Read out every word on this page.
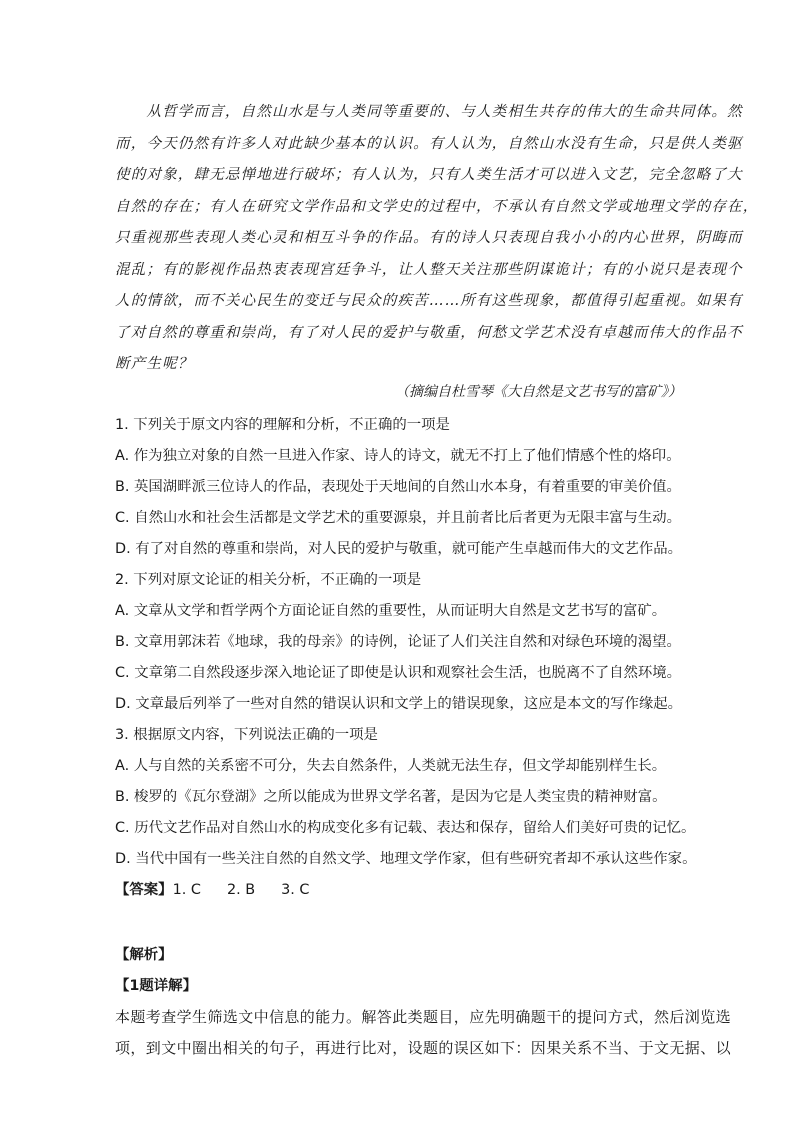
　　从哲学而言，自然山水是与人类同等重要的、与人类相生共存的伟大的生命共同体。然
而，今天仍然有许多人对此缺少基本的认识。有人认为，自然山水没有生命，只是供人类驱
使的对象，肆无忌惮地进行破坏；有人认为，只有人类生活才可以进入文艺，完全忽略了大
自然的存在；有人在研究文学作品和文学史的过程中，不承认有自然文学或地理文学的存在，
只重视那些表现人类心灵和相互斗争的作品。有的诗人只表现自我小小的内心世界，阴晦而
混乱；有的影视作品热衷表现宫廷争斗，让人整天关注那些阴谋诡计；有的小说只是表现个
人的情欲，而不关心民生的变迁与民众的疾苦……所有这些现象，都值得引起重视。如果有
了对自然的尊重和崇尚，有了对人民的爱护与敬重，何愁文学艺术没有卓越而伟大的作品不
断产生呢？
（摘编自杜雪琴《大自然是文艺书写的富矿》）
1. 下列关于原文内容的理解和分析，不正确的一项是
A. 作为独立对象的自然一旦进入作家、诗人的诗文，就无不打上了他们情感个性的烙印。
B. 英国湖畔派三位诗人的作品，表现处于天地间的自然山水本身，有着重要的审美价值。
C. 自然山水和社会生活都是文学艺术的重要源泉，并且前者比后者更为无限丰富与生动。
D. 有了对自然的尊重和崇尚，对人民的爱护与敬重，就可能产生卓越而伟大的文艺作品。
2. 下列对原文论证的相关分析，不正确的一项是
A. 文章从文学和哲学两个方面论证自然的重要性，从而证明大自然是文艺书写的富矿。
B. 文章用郭沫若《地球，我的母亲》的诗例，论证了人们关注自然和对绿色环境的渴望。
C. 文章第二自然段逐步深入地论证了即使是认识和观察社会生活，也脱离不了自然环境。
D. 文章最后列举了一些对自然的错误认识和文学上的错误现象，这应是本文的写作缘起。
3. 根据原文内容，下列说法正确的一项是
A. 人与自然的关系密不可分，失去自然条件，人类就无法生存，但文学却能别样生长。
B. 梭罗的《瓦尔登湖》之所以能成为世界文学名著，是因为它是人类宝贵的精神财富。
C. 历代文艺作品对自然山水的构成变化多有记载、表达和保存，留给人们美好可贵的记忆。
D. 当代中国有一些关注自然的自然文学、地理文学作家，但有些研究者却不承认这些作家。
【答案】1. C 2. B 3. C
【解析】
【1题详解】
本题考查学生筛选文中信息的能力。解答此类题目，应先明确题干的提问方式，然后浏览选
项，到文中圈出相关的句子，再进行比对，设题的误区如下：因果关系不当、于文无据、以
